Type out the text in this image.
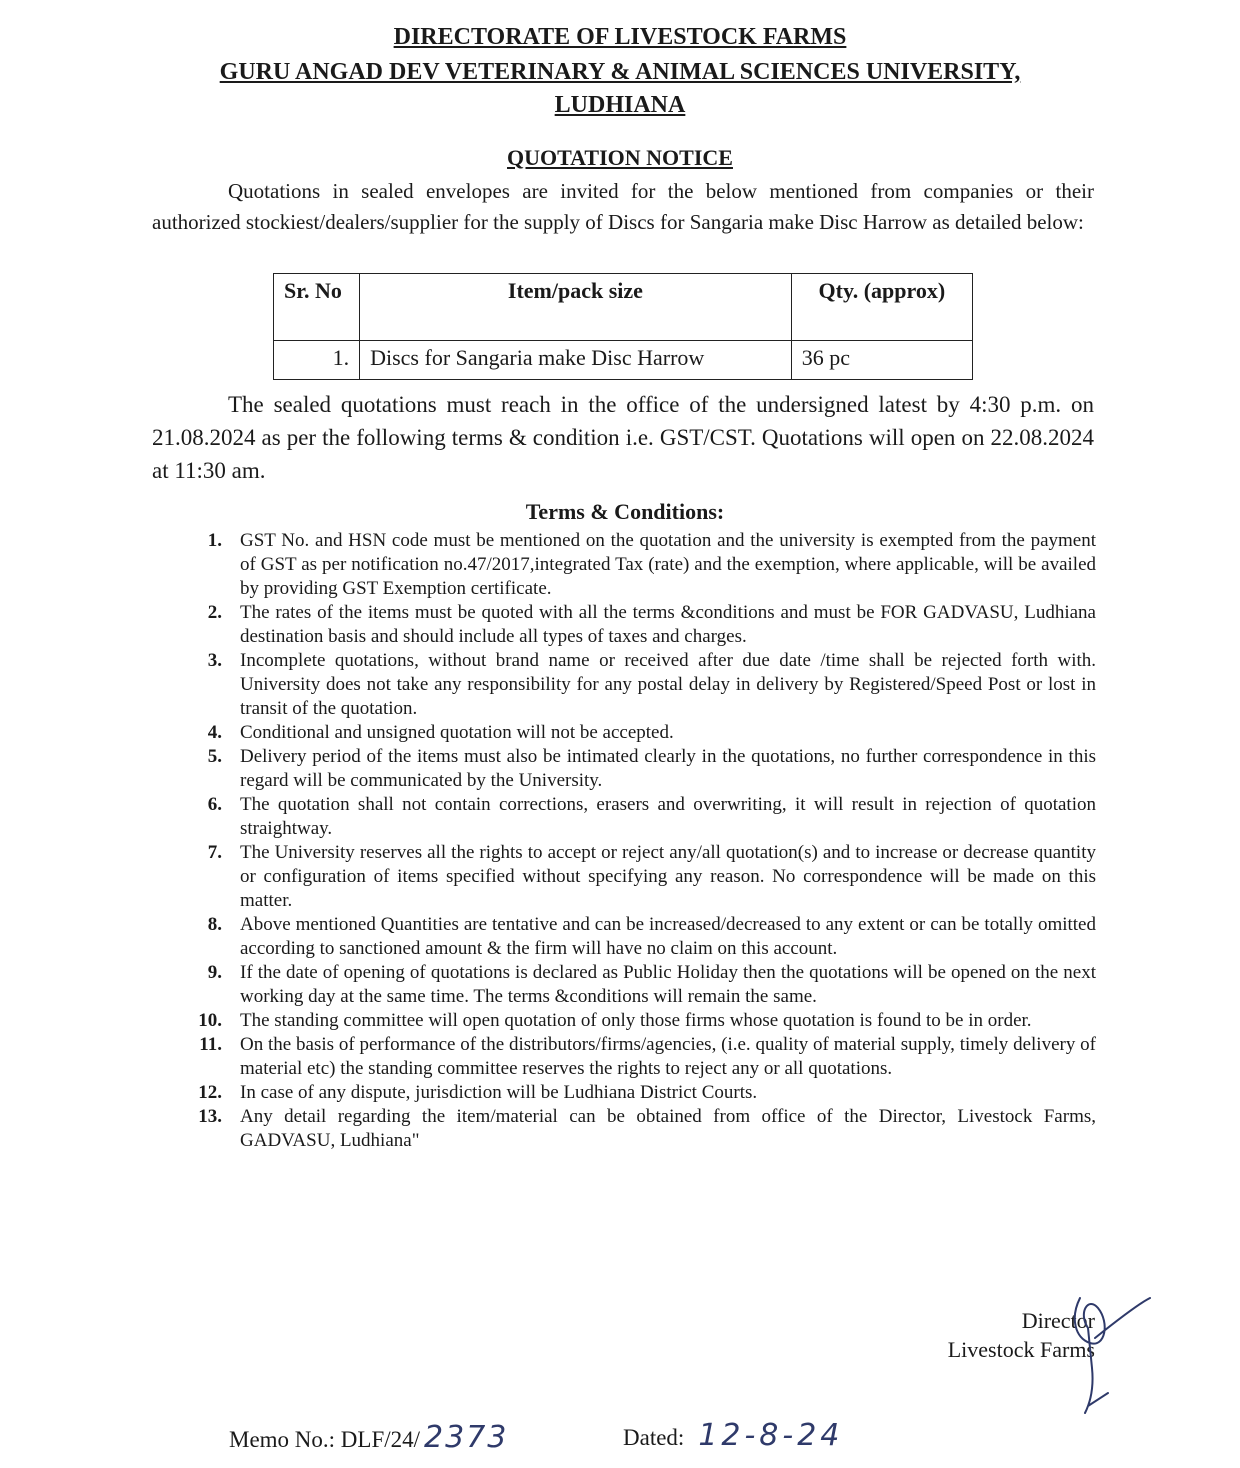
DIRECTORATE OF LIVESTOCK FARMS
GURU ANGAD DEV VETERINARY & ANIMAL SCIENCES UNIVERSITY,
LUDHIANA
QUOTATION NOTICE
Quotations in sealed envelopes are invited for the below mentioned from companies or their authorized stockiest/dealers/supplier for the supply of Discs for Sangaria make Disc Harrow as detailed below:
Sr. No	Item/pack size	Qty. (approx)
1.	Discs for Sangaria make Disc Harrow	36 pc
The sealed quotations must reach in the office of the undersigned latest by 4:30 p.m. on 21.08.2024 as per the following terms & condition i.e. GST/CST. Quotations will open on 22.08.2024 at 11:30 am.
Terms & Conditions:
1. GST No. and HSN code must be mentioned on the quotation and the university is exempted from the payment of GST as per notification no.47/2017,integrated Tax (rate) and the exemption, where applicable, will be availed by providing GST Exemption certificate.
2. The rates of the items must be quoted with all the terms &conditions and must be FOR GADVASU, Ludhiana destination basis and should include all types of taxes and charges.
3. Incomplete quotations, without brand name or received after due date /time shall be rejected forth with. University does not take any responsibility for any postal delay in delivery by Registered/Speed Post or lost in transit of the quotation.
4. Conditional and unsigned quotation will not be accepted.
5. Delivery period of the items must also be intimated clearly in the quotations, no further correspondence in this regard will be communicated by the University.
6. The quotation shall not contain corrections, erasers and overwriting, it will result in rejection of quotation straightway.
7. The University reserves all the rights to accept or reject any/all quotation(s) and to increase or decrease quantity or configuration of items specified without specifying any reason. No correspondence will be made on this matter.
8. Above mentioned Quantities are tentative and can be increased/decreased to any extent or can be totally omitted according to sanctioned amount & the firm will have no claim on this account.
9. If the date of opening of quotations is declared as Public Holiday then the quotations will be opened on the next working day at the same time. The terms &conditions will remain the same.
10. The standing committee will open quotation of only those firms whose quotation is found to be in order.
11. On the basis of performance of the distributors/firms/agencies, (i.e. quality of material supply, timely delivery of material etc) the standing committee reserves the rights to reject any or all quotations.
12. In case of any dispute, jurisdiction will be Ludhiana District Courts.
13. Any detail regarding the item/material can be obtained from office of the Director, Livestock Farms, GADVASU, Ludhiana"
Director
Livestock Farms
Memo No.: DLF/24/ 2373	Dated: 12-8-24
